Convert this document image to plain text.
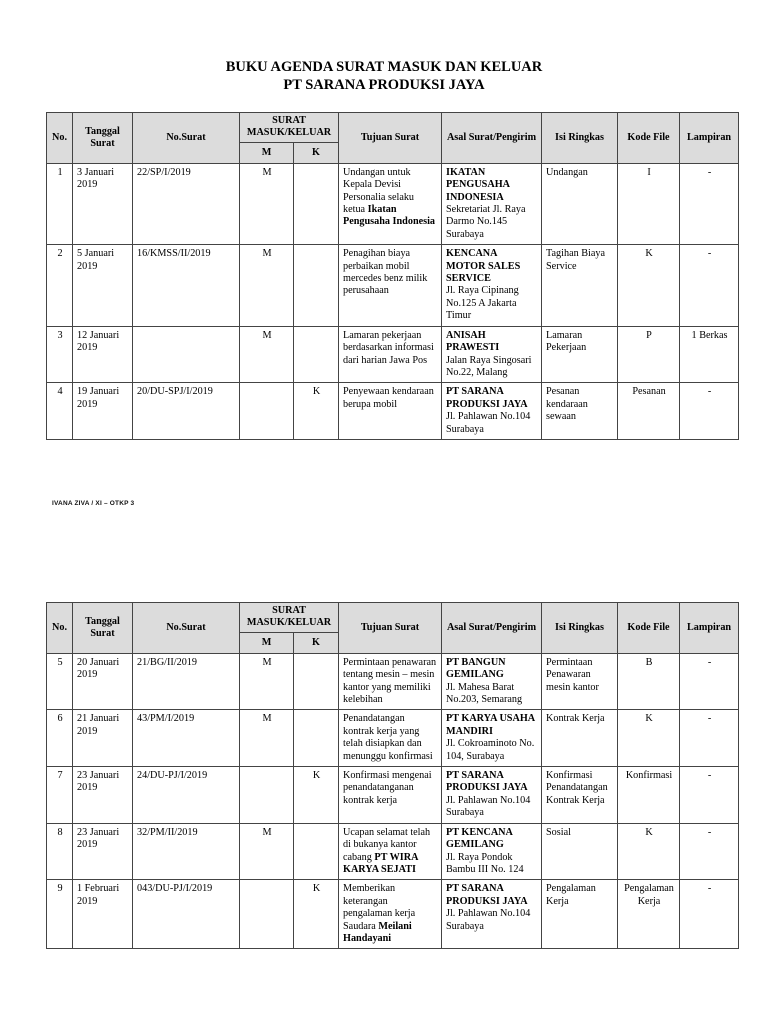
BUKU AGENDA SURAT MASUK DAN KELUAR
PT SARANA PRODUKSI JAYA
No.	Tanggal Surat	No.Surat	SURAT MASUK/KELUAR		Tujuan Surat	Asal Surat/Pengirim	Isi Ringkas	Kode File	Lampiran
			M	K					
1	3 Januari 2019	22/SP/I/2019	M		Undangan untuk Kepala Devisi Personalia selaku ketua Ikatan Pengusaha Indonesia	IKATAN PENGUSAHA INDONESIA
Sekretariat Jl. Raya Darmo No.145 Surabaya	Undangan	I	-
2	5 Januari 2019	16/KMSS/II/2019	M		Penagihan biaya perbaikan mobil mercedes benz milik perusahaan	KENCANA MOTOR SALES SERVICE
Jl. Raya Cipinang No.125 A Jakarta Timur	Tagihan Biaya Service	K	-
3	12 Januari 2019		M		Lamaran pekerjaan berdasarkan informasi dari harian Jawa Pos	ANISAH PRAWESTI
Jalan Raya Singosari No.22, Malang	Lamaran Pekerjaan	P	1 Berkas
4	19 Januari 2019	20/DU-SPJ/I/2019		K	Penyewaan kendaraan berupa mobil	PT SARANA PRODUKSI JAYA
Jl. Pahlawan No.104 Surabaya	Pesanan kendaraan sewaan	Pesanan	-
IVANA ZIVA / XI – OTKP 3
No.	Tanggal Surat	No.Surat	SURAT MASUK/KELUAR		Tujuan Surat	Asal Surat/Pengirim	Isi Ringkas	Kode File	Lampiran
			M	K					
5	20 Januari 2019	21/BG/II/2019	M		Permintaan penawaran tentang mesin – mesin kantor yang memiliki kelebihan	PT BANGUN GEMILANG
Jl. Mahesa Barat No.203, Semarang	Permintaan Penawaran mesin kantor	B	-
6	21 Januari 2019	43/PM/I/2019	M		Penandatangan kontrak kerja yang telah disiapkan dan menunggu konfirmasi	PT KARYA USAHA MANDIRI
Jl. Cokroaminoto No. 104, Surabaya	Kontrak Kerja	K	-
7	23 Januari 2019	24/DU-PJ/I/2019		K	Konfirmasi mengenai penandatanganan kontrak kerja	PT SARANA PRODUKSI JAYA
Jl. Pahlawan No.104 Surabaya	Konfirmasi Penandatangan Kontrak Kerja	Konfirmasi	-
8	23 Januari 2019	32/PM/II/2019	M		Ucapan selamat telah di bukanya kantor cabang PT WIRA KARYA SEJATI	PT KENCANA GEMILANG
Jl. Raya Pondok Bambu III No. 124	Sosial	K	-
9	1 Februari 2019	043/DU-PJ/I/2019		K	Memberikan keterangan pengalaman kerja Saudara Meilani Handayani	PT SARANA PRODUKSI JAYA
Jl. Pahlawan No.104 Surabaya	Pengalaman Kerja	Pengalaman Kerja	-
